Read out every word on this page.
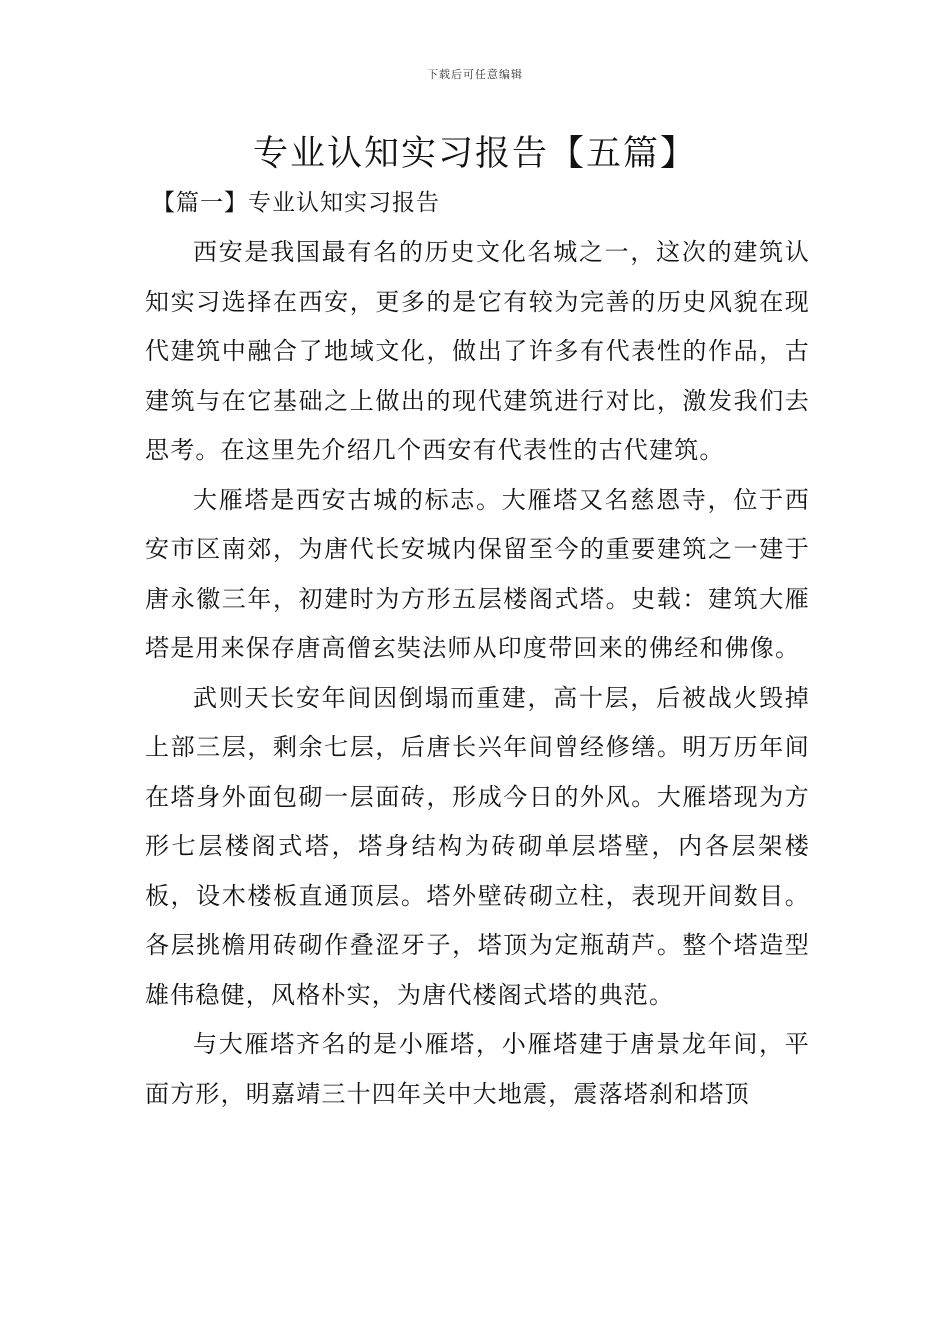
下载后可任意编辑
专业认知实习报告【五篇】
【篇一】专业认知实习报告

西安是我国最有名的历史文化名城之一，这次的建筑认知实习选择在西安，更多的是它有较为完善的历史风貌在现代建筑中融合了地域文化，做出了许多有代表性的作品，古建筑与在它基础之上做出的现代建筑进行对比，激发我们去思考。在这里先介绍几个西安有代表性的古代建筑。

大雁塔是西安古城的标志。大雁塔又名慈恩寺，位于西安市区南郊，为唐代长安城内保留至今的重要建筑之一建于唐永徽三年，初建时为方形五层楼阁式塔。史载：建筑大雁塔是用来保存唐高僧玄奘法师从印度带回来的佛经和佛像。

武则天长安年间因倒塌而重建，高十层，后被战火毁掉上部三层，剩余七层，后唐长兴年间曾经修缮。明万历年间在塔身外面包砌一层面砖，形成今日的外风。大雁塔现为方形七层楼阁式塔，塔身结构为砖砌单层塔壁，内各层架楼板，设木楼板直通顶层。塔外壁砖砌立柱，表现开间数目。各层挑檐用砖砌作叠涩牙子，塔顶为定瓶葫芦。整个塔造型雄伟稳健，风格朴实，为唐代楼阁式塔的典范。

与大雁塔齐名的是小雁塔，小雁塔建于唐景龙年间，平面方形，明嘉靖三十四年关中大地震，震落塔刹和塔顶
